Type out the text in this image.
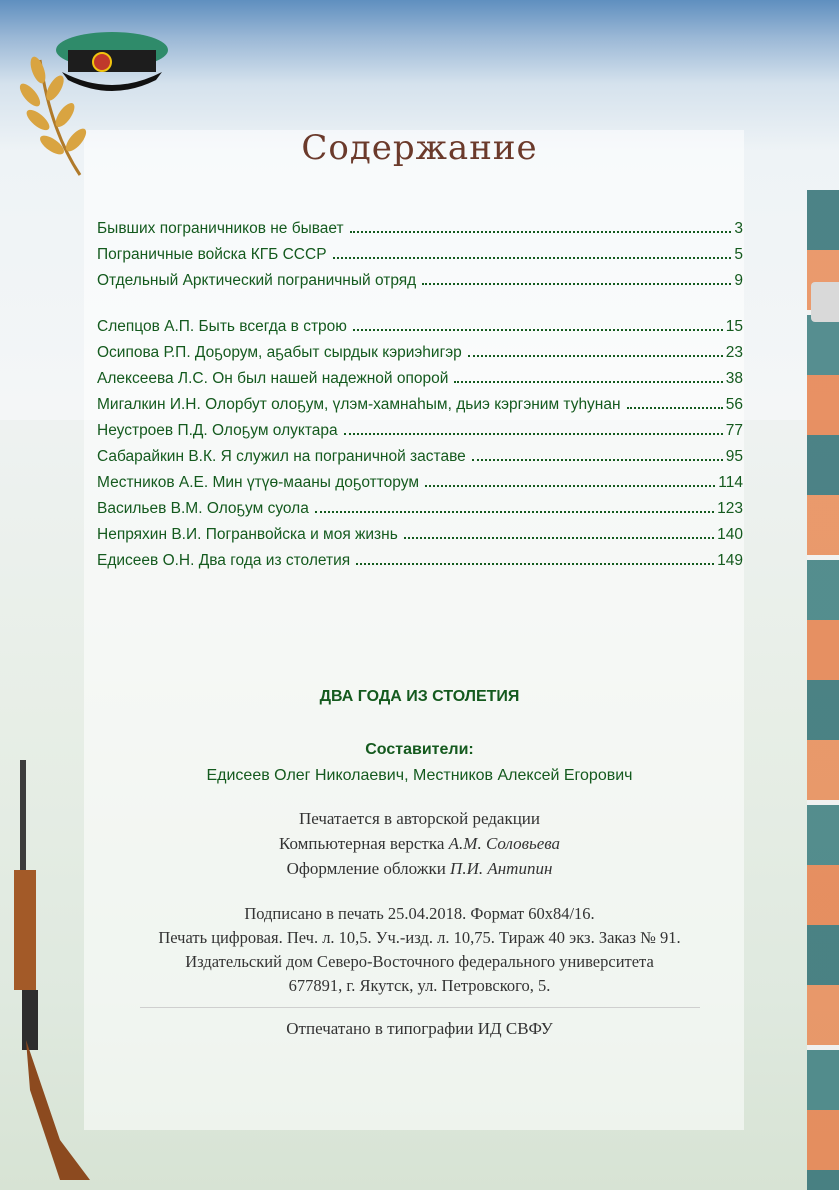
Содержание
Бывших пограничников не бывает	3
Пограничные войска КГБ СССР	5
Отдельный Арктический пограничный отряд	9
Слепцов А.П. Быть всегда в строю	15
Осипова Р.П. Доҕорум, аҕабыт сырдык кэриэһигэр	23
Алексеева Л.С. Он был нашей надежной опорой	38
Мигалкин И.Н. Олорбут олоҕум, үлэм-хамнаһым, дьиэ кэргэним туһунан	56
Неустроев П.Д. Олоҕум олуктара	77
Сабарайкин В.К. Я служил на пограничной заставе	95
Местников А.Е. Мин үтүө-мааны доҕотторум	114
Васильев В.М. Олоҕум суола	123
Непряхин В.И. Погранвойска и моя жизнь	140
Едисеев О.Н. Два года из столетия	149
ДВА ГОДА ИЗ СТОЛЕТИЯ
Составители:
Едисеев Олег Николаевич, Местников Алексей Егорович
Печатается в авторской редакции
Компьютерная верстка А.М. Соловьева
Оформление обложки П.И. Антипин
Подписано в печать 25.04.2018. Формат 60х84/16.
Печать цифровая. Печ. л. 10,5. Уч.-изд. л. 10,75. Тираж 40 экз. Заказ № 91.
Издательский дом Северо-Восточного федерального университета
677891, г. Якутск, ул. Петровского, 5.
Отпечатано в типографии ИД СВФУ
